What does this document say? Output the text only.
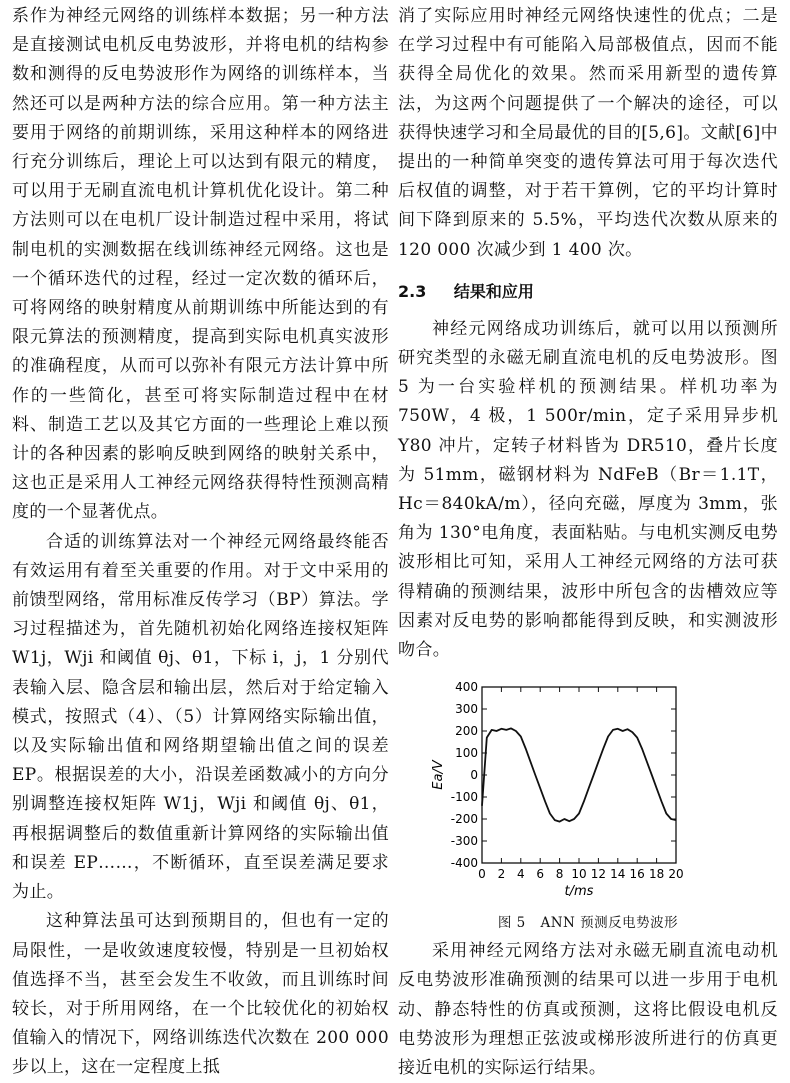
系作为神经元网络的训练样本数据；另一种方法是直接测试电机反电势波形，并将电机的结构参数和测得的反电势波形作为网络的训练样本，当然还可以是两种方法的综合应用。第一种方法主要用于网络的前期训练，采用这种样本的网络进行充分训练后，理论上可以达到有限元的精度，可以用于无刷直流电机计算机优化设计。第二种方法则可以在电机厂设计制造过程中采用，将试制电机的实测数据在线训练神经元网络。这也是一个循环迭代的过程，经过一定次数的循环后，可将网络的映射精度从前期训练中所能达到的有限元算法的预测精度，提高到实际电机真实波形的准确程度，从而可以弥补有限元方法计算中所作的一些简化，甚至可将实际制造过程中在材料、制造工艺以及其它方面的一些理论上难以预计的各种因素的影响反映到网络的映射关系中，这也正是采用人工神经元网络获得特性预测高精度的一个显著优点。

合适的训练算法对一个神经元网络最终能否有效运用有着至关重要的作用。对于文中采用的前馈型网络，常用标准反传学习（BP）算法。学习过程描述为，首先随机初始化网络连接权矩阵 W1j，Wji 和阈值 θj、θ1，下标 i，j，1 分别代表输入层、隐含层和输出层，然后对于给定输入模式，按照式（4）、（5）计算网络实际输出值，以及实际输出值和网络期望输出值之间的误差 EP。根据误差的大小，沿误差函数减小的方向分别调整连接权矩阵 W1j，Wji 和阈值 θj、θ1，再根据调整后的数值重新计算网络的实际输出值和误差 EP……，不断循环，直至误差满足要求为止。

这种算法虽可达到预期目的，但也有一定的局限性，一是收敛速度较慢，特别是一旦初始权值选择不当，甚至会发生不收敛，而且训练时间较长，对于所用网络，在一个比较优化的初始权值输入的情况下，网络训练迭代次数在 200 000 步以上，这在一定程度上抵

消了实际应用时神经元网络快速性的优点；二是在学习过程中有可能陷入局部极值点，因而不能获得全局优化的效果。然而采用新型的遗传算法，为这两个问题提供了一个解决的途径，可以获得快速学习和全局最优的目的[5,6]。文献[6]中提出的一种简单突变的遗传算法可用于每次迭代后权值的调整，对于若干算例，它的平均计算时间下降到原来的 5.5%，平均迭代次数从原来的 120 000 次减少到 1 400 次。

2.3 结果和应用

神经元网络成功训练后，就可以用以预测所研究类型的永磁无刷直流电机的反电势波形。图 5 为一台实验样机的预测结果。样机功率为 750W，4 极，1 500r/min，定子采用异步机 Y80 冲片，定转子材料皆为 DR510，叠片长度为 51mm，磁钢材料为 NdFeB（Br＝1.1T，Hc＝840kA/m），径向充磁，厚度为 3mm，张角为 130°电角度，表面粘贴。与电机实测反电势波形相比可知，采用人工神经元网络的方法可获得精确的预测结果，波形中所包含的齿槽效应等因素对反电势的影响都能得到反映，和实测波形吻合。

0 2 4 6 8 10 12 14 16 18 20
400
300
200
100
0
-100
-200
-300
-400
t/ms
Ea/V
图 5 ANN 预测反电势波形

采用神经元网络方法对永磁无刷直流电动机反电势波形准确预测的结果可以进一步用于电机动、静态特性的仿真或预测，这将比假设电机反电势波形为理想正弦波或梯形波所进行的仿真更接近电机的实际运行结果。
